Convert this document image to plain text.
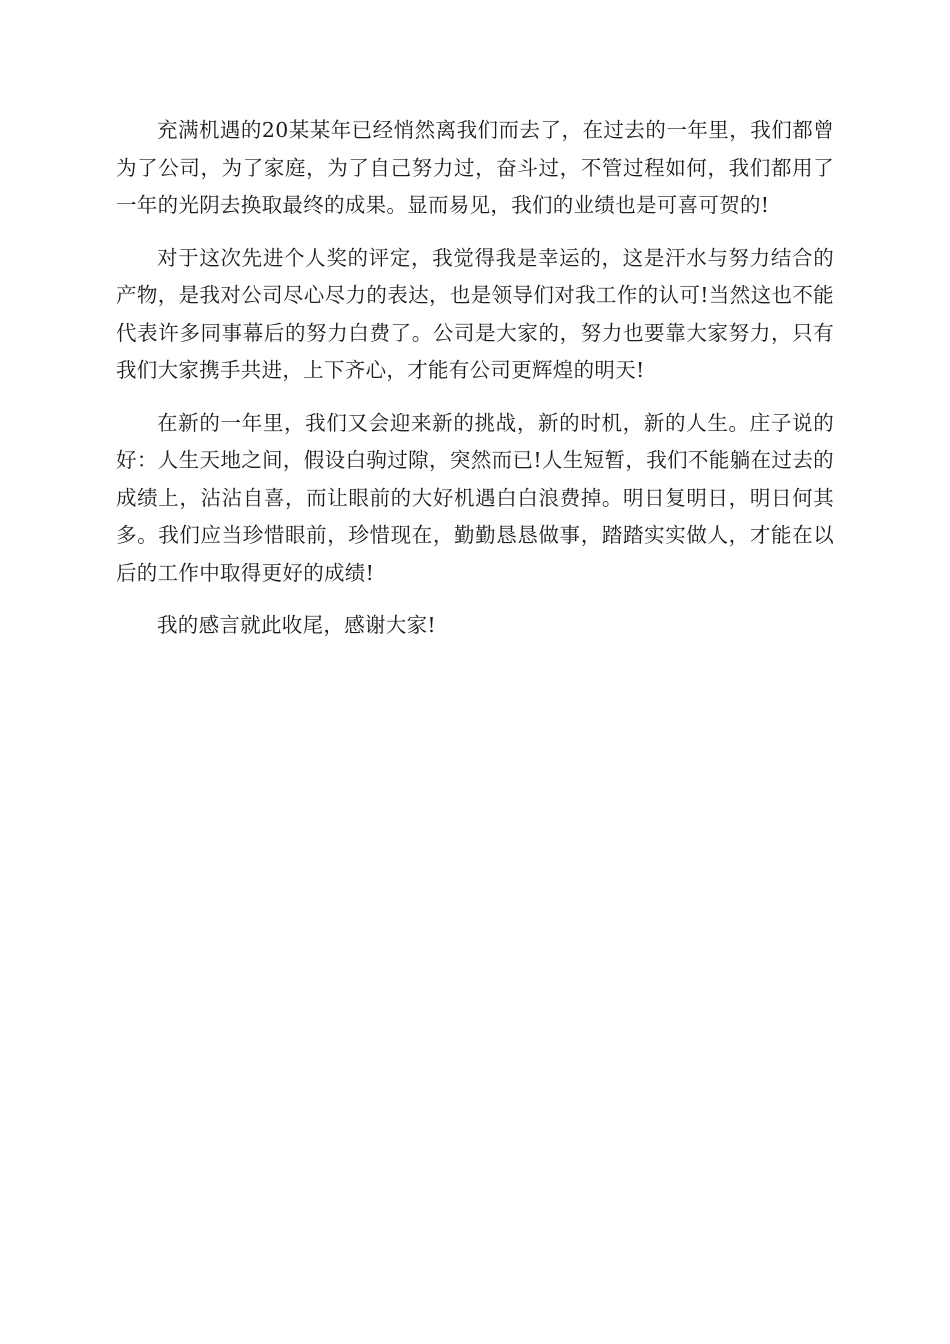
充满机遇的20某某年已经悄然离我们而去了，在过去的一年里，我们都曾为了公司，为了家庭，为了自己努力过，奋斗过，不管过程如何，我们都用了一年的光阴去换取最终的成果。显而易见，我们的业绩也是可喜可贺的!

对于这次先进个人奖的评定，我觉得我是幸运的，这是汗水与努力结合的产物，是我对公司尽心尽力的表达，也是领导们对我工作的认可!当然这也不能代表许多同事幕后的努力白费了。公司是大家的，努力也要靠大家努力，只有我们大家携手共进，上下齐心，才能有公司更辉煌的明天!

在新的一年里，我们又会迎来新的挑战，新的时机，新的人生。庄子说的好：人生天地之间，假设白驹过隙，突然而已!人生短暂，我们不能躺在过去的成绩上，沾沾自喜，而让眼前的大好机遇白白浪费掉。明日复明日，明日何其多。我们应当珍惜眼前，珍惜现在，勤勤恳恳做事，踏踏实实做人，才能在以后的工作中取得更好的成绩!

我的感言就此收尾，感谢大家!
